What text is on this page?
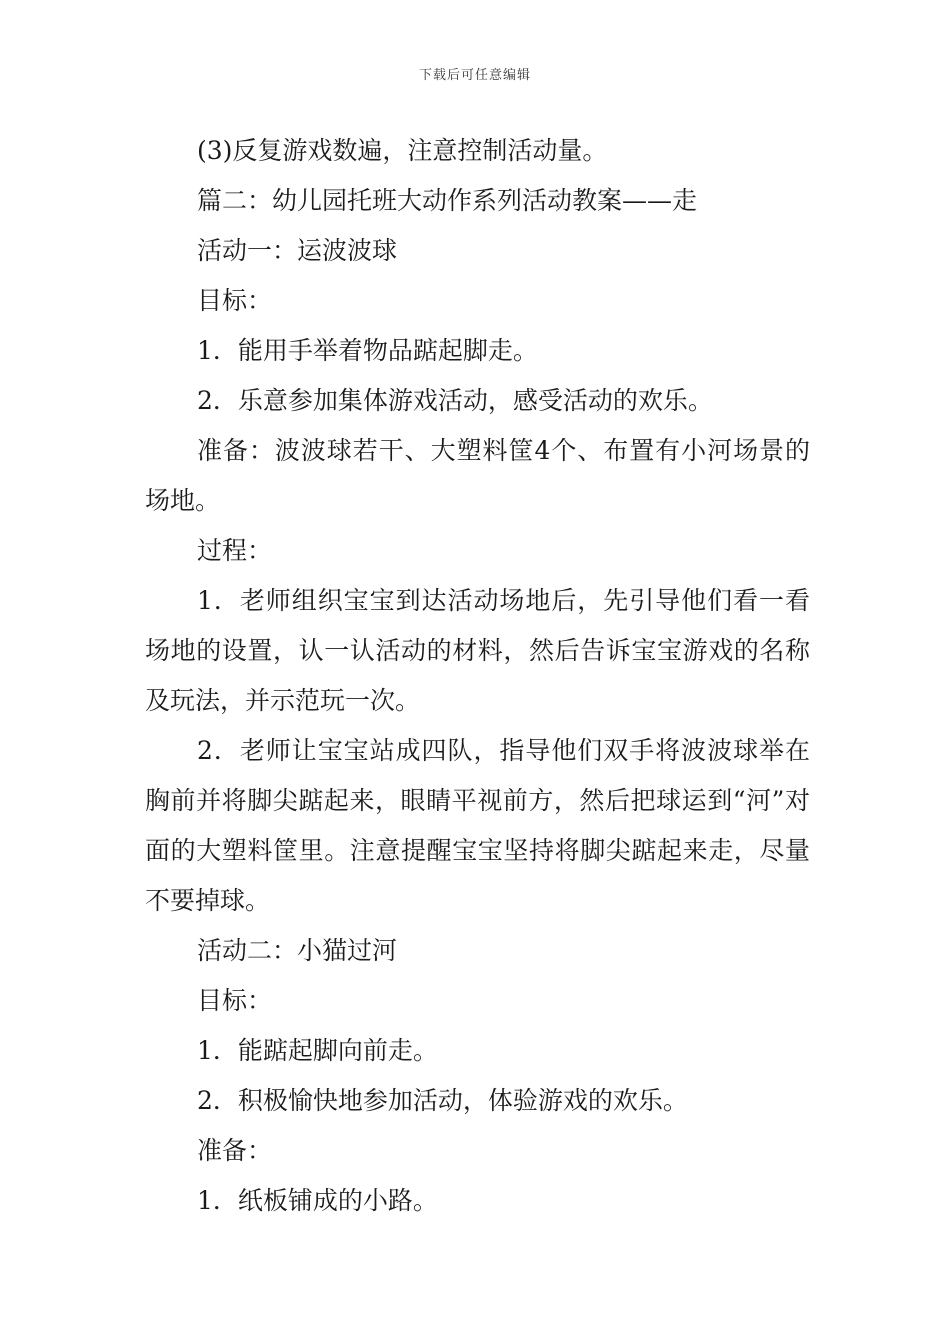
下载后可任意编辑

(3)反复游戏数遍，注意控制活动量。

篇二：幼儿园托班大动作系列活动教案——走

活动一：运波波球

目标：

1．能用手举着物品踮起脚走。

2．乐意参加集体游戏活动，感受活动的欢乐。

准备：波波球若干、大塑料筐4个、布置有小河场景的场地。

过程：

1．老师组织宝宝到达活动场地后，先引导他们看一看场地的设置，认一认活动的材料，然后告诉宝宝游戏的名称及玩法，并示范玩一次。

2．老师让宝宝站成四队，指导他们双手将波波球举在胸前并将脚尖踮起来，眼睛平视前方，然后把球运到“河”对面的大塑料筐里。注意提醒宝宝坚持将脚尖踮起来走，尽量不要掉球。

活动二：小猫过河

目标：

1．能踮起脚向前走。

2．积极愉快地参加活动，体验游戏的欢乐。

准备：

1．纸板铺成的小路。
